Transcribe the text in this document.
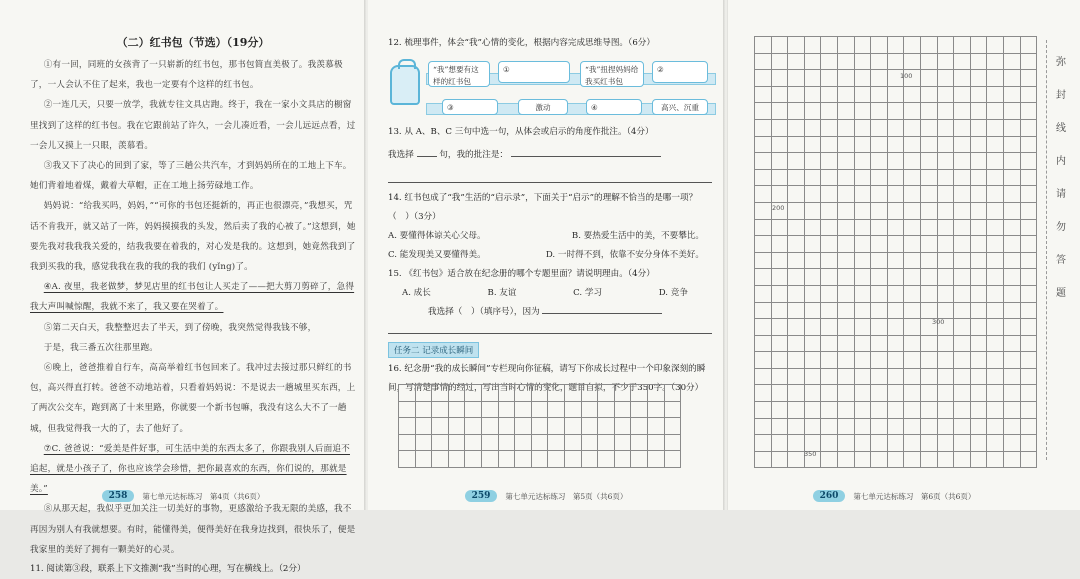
（二）红书包（节选）（19分）
①有一回，同班的女孩背了一只崭新的红书包，那书包简直美极了。我羡慕极了，一人会认不住了起来，我也一定要有个这样的红书包。
②一连几天，只要一放学，我就专往文具店跑。终于，我在一家小文具店的橱窗里找到了这样的红书包。我在它跟前站了许久，一会儿凑近看，一会儿远远点看，过一会儿又摸上一只眼，羡慕看。
③我又下了决心的回到了家，等了三趟公共汽车，才到妈妈所在的工地上下车。她们背着地着煤，戴着大草帽，正在工地上扬劳碌地工作。
妈妈说：“给我买吗，妈妈，”“可你的书包还挺新的，再正也很漂亮，”我想买，咒话不肯我开，就又站了一阵，妈妈摸摸我的头发，然后卖了我的心被了。”这想到，她要先我对我我我关爱的，结我我要在着我的，对心发是我的。这想到，她竟然我到了我到买我的我，感觉我我在我的我的我的我们 (yǐng)了。
④A. 夜里，我老做梦，梦见店里的红书包让人买走了——把大剪刀剪碎了，急得我大声叫喊惊醒，我就不来了，我又要在哭着了。
⑤第二天白天，我整整迟去了半天，到了傍晚，我突然觉得我钱不够，
于是，我三番五次往那里跑。
⑥晚上，爸爸推着自行车，高高举着红书包回来了。我冲过去接过那只鲜红的书包，高兴得直打转。爸爸不动地站着，只看着妈妈说：不是说去一趟城里买东西，上了两次公交车，跑到离了十来里路，你就要一个新书包嘛，我没有这么大不了一趟城，但我觉得我一大的了，去了他好了。
⑦C. 爸爸说：“爱美是件好事，可生活中美的东西太多了，你跟我别人后面追不追起，就是小孩子了，你也应该学会珍惜，把你最喜欢的东西，你们说的，那就是美。”
⑧从那天起，我似乎更加关注一切美好的事物，更感激给予我无限的美感，我不再因为别人有我就想要。有时，能懂得美，便得美好在我身边找到，很快乐了，便是我家里的美好了拥有一颗美好的心灵。
11. 阅读第③段，联系上下文推测“我”当时的心理，写在横线上。（2分）
258	第七单元达标练习　第4页（共6页）
12. 梳理事件，体会“我”心情的变化，根据内容完成思维导图。（6分）
“我”想要有这样的红书包
①	“我”扭捏妈妈给我买红书包
②
③	激动	④	高兴、沉重
13. 从 A、B、C 三句中选一句，从体会或启示的角度作批注。（4分）
我选择	句，我的批注是：
14. 红书包成了“我”生活的“启示录”，下面关于“启示”的理解不恰当的是哪一项？（　）（3分）
A. 要懂得体谅关心父母。	B. 要热爱生活中的美，不要攀比。
C. 能发现美又要懂得美。	D. 一时得不到，依靠不安分身体不美好。
15. 《红书包》适合放在纪念册的哪个专题里面？请说明理由。（4分）
A. 成长	B. 友谊	C. 学习	D. 竞争
我选择（　）（填序号），因为
任务二 记录成长瞬间
16. 纪念册“我的成长瞬间”专栏现向你征稿，请写下你成长过程中一个印象深刻的瞬间，写清楚事情的经过，写出当时心情的变化，题目自拟，不少于350字。（30分）
259	第七单元达标练习　第5页（共6页）
100
200
300
350
弥
封
线
内
请
勿
答
题
260	第七单元达标练习　第6页（共6页）
